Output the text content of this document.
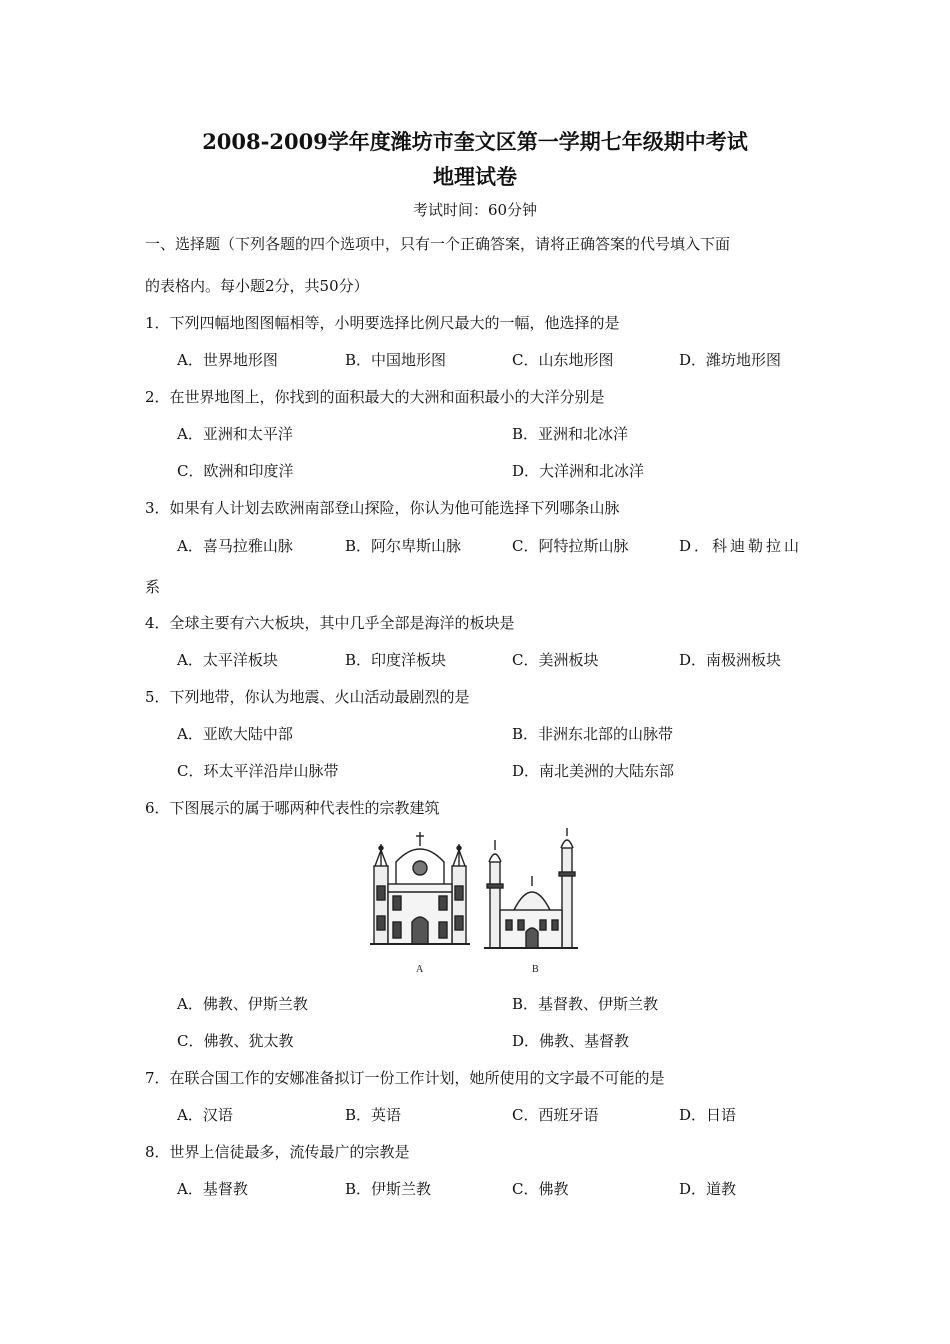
2008-2009学年度潍坊市奎文区第一学期七年级期中考试
地理试卷
考试时间：60分钟
一、选择题（下列各题的四个选项中，只有一个正确答案，请将正确答案的代号填入下面
的表格内。每小题2分，共50分）
1．下列四幅地图图幅相等，小明要选择比例尺最大的一幅，他选择的是
A．世界地形图	B．中国地形图	C．山东地形图	D．潍坊地形图
2．在世界地图上，你找到的面积最大的大洲和面积最小的大洋分别是
A．亚洲和太平洋	B．亚洲和北冰洋
C．欧洲和印度洋	D．大洋洲和北冰洋
3．如果有人计划去欧洲南部登山探险，你认为他可能选择下列哪条山脉
A．喜马拉雅山脉	B．阿尔卑斯山脉	C．阿特拉斯山脉	D．科迪勒拉山
系
4．全球主要有六大板块，其中几乎全部是海洋的板块是
A．太平洋板块	B．印度洋板块	C．美洲板块	D．南极洲板块
5．下列地带，你认为地震、火山活动最剧烈的是
A．亚欧大陆中部	B．非洲东北部的山脉带
C．环太平洋沿岸山脉带	D．南北美洲的大陆东部
6．下图展示的属于哪两种代表性的宗教建筑
A	B
A．佛教、伊斯兰教	B．基督教、伊斯兰教
C．佛教、犹太教	D．佛教、基督教
7．在联合国工作的安娜准备拟订一份工作计划，她所使用的文字最不可能的是
A．汉语	B．英语	C．西班牙语	D．日语
8．世界上信徒最多，流传最广的宗教是
A．基督教	B．伊斯兰教	C．佛教	D．道教
